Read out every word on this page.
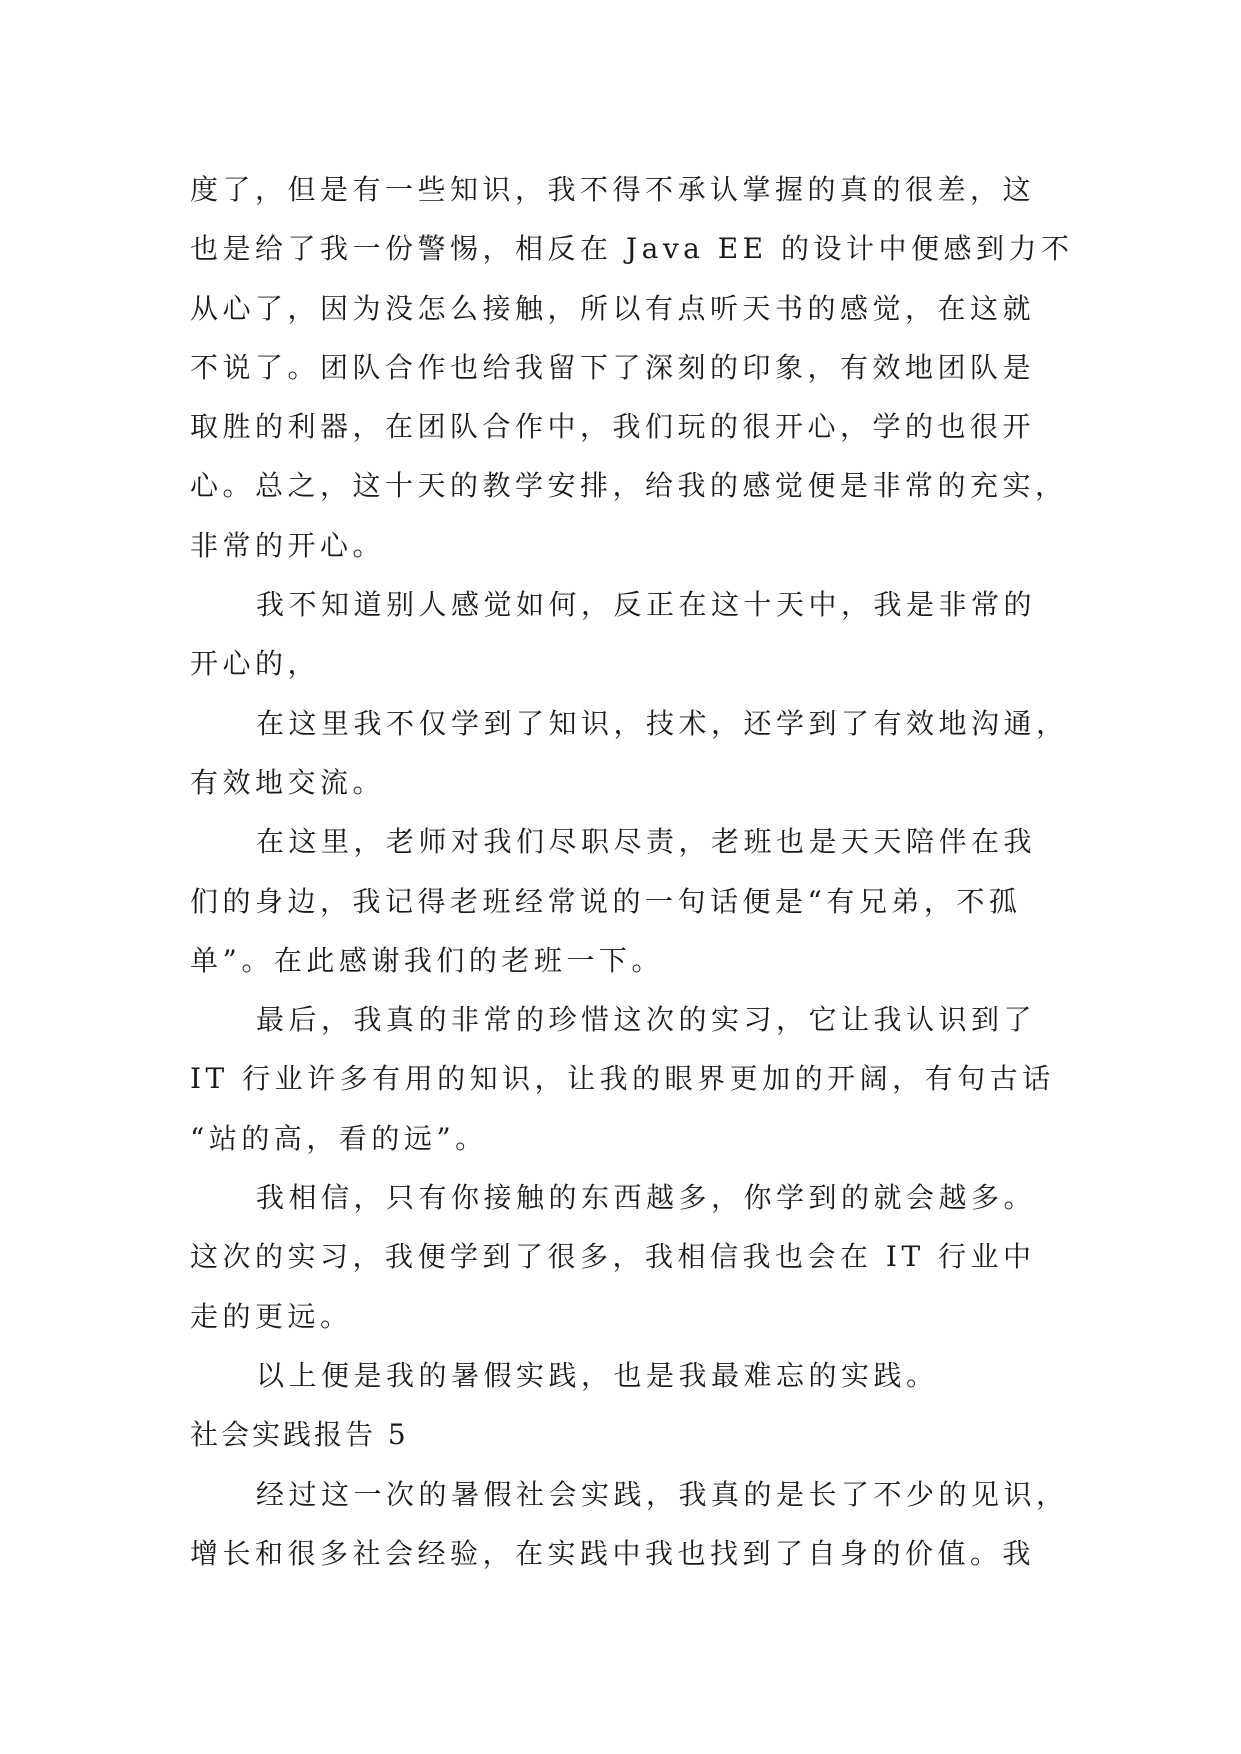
度了，但是有一些知识，我不得不承认掌握的真的很差，这
也是给了我一份警惕，相反在 Java EE 的设计中便感到力不
从心了，因为没怎么接触，所以有点听天书的感觉，在这就
不说了。团队合作也给我留下了深刻的印象，有效地团队是
取胜的利器，在团队合作中，我们玩的很开心，学的也很开
心。总之，这十天的教学安排，给我的感觉便是非常的充实，
非常的开心。
我不知道别人感觉如何，反正在这十天中，我是非常的
开心的，
在这里我不仅学到了知识，技术，还学到了有效地沟通，
有效地交流。
在这里，老师对我们尽职尽责，老班也是天天陪伴在我
们的身边，我记得老班经常说的一句话便是“有兄弟，不孤
单”。在此感谢我们的老班一下。
最后，我真的非常的珍惜这次的实习，它让我认识到了
IT 行业许多有用的知识，让我的眼界更加的开阔，有句古话
“站的高，看的远”。
我相信，只有你接触的东西越多，你学到的就会越多。
这次的实习，我便学到了很多，我相信我也会在 IT 行业中
走的更远。
以上便是我的暑假实践，也是我最难忘的实践。
社会实践报告 5
经过这一次的暑假社会实践，我真的是长了不少的见识，
增长和很多社会经验，在实践中我也找到了自身的价值。我
